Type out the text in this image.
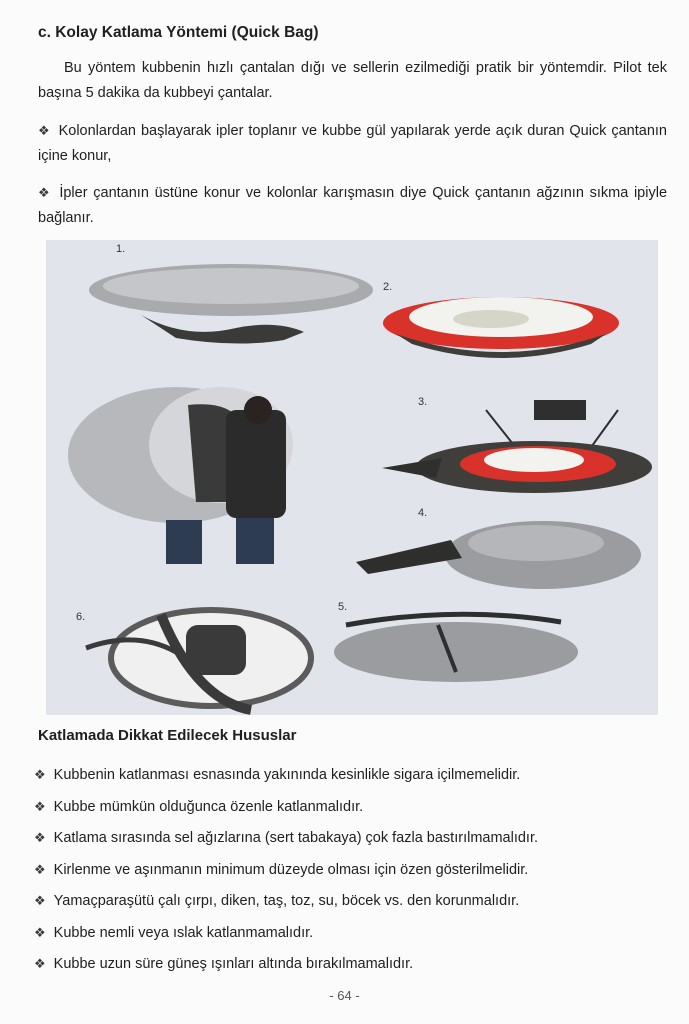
c. Kolay Katlama Yöntemi (Quick Bag)

Bu yöntem kubbenin hızlı çantalan dığı ve sellerin ezilmediği pratik bir yöntemdir. Pilot tek başına 5 dakika da kubbeyi çantalar.

❖ Kolonlardan başlayarak ipler toplanır ve kubbe gül yapılarak yerde açık duran Quick çantanın içine konur,

❖ İpler çantanın üstüne konur ve kolonlar karışmasın diye Quick çantanın ağzının sıkma ipiyle bağlanır.

1.
2.
3.
4.
5.
6.
Katlamada Dikkat Edilecek Hususlar
❖ Kubbenin katlanması esnasında yakınında kesinlikle sigara içilmemelidir.
❖ Kubbe mümkün olduğunca özenle katlanmalıdır.
❖ Katlama sırasında sel ağızlarına (sert tabakaya) çok fazla bastırılmamalıdır.
❖ Kirlenme ve aşınmanın minimum düzeyde olması için özen gösterilmelidir.
❖ Yamaçparaşütü çalı çırpı, diken, taş, toz, su, böcek vs. den korunmalıdır.
❖ Kubbe nemli veya ıslak katlanmamalıdır.
❖ Kubbe uzun süre güneş ışınları altında bırakılmamalıdır.
- 64 -
